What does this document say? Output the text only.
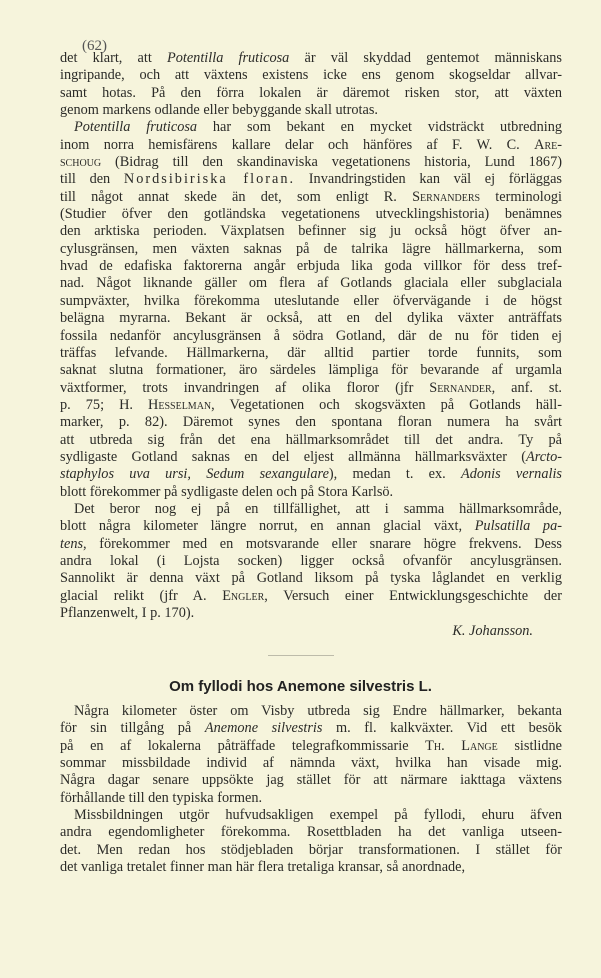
(62)
det klart, att Potentilla fruticosa är väl skyddad gentemot människans
ingripande, och att växtens existens icke ens genom skogseldar allvar-
samt hotas. På den förra lokalen är däremot risken stor, att växten
genom markens odlande eller bebyggande skall utrotas.
Potentilla fruticosa har som bekant en mycket vidsträckt utbredning
inom norra hemisfärens kallare delar och hänföres af F. W. C. Are-
schoug (Bidrag till den skandinaviska vegetationens historia, Lund 1867)
till den Nordsibiriska floran. Invandringstiden kan väl ej förläggas
till något annat skede än det, som enligt R. Sernanders terminologi
(Studier öfver den gotländska vegetationens utvecklingshistoria) benämnes
den arktiska perioden. Växplatsen befinner sig ju också högt öfver an-
cylusgränsen, men växten saknas på de talrika lägre hällmarkerna, som
hvad de edafiska faktorerna angår erbjuda lika goda villkor för dess tref-
nad. Något liknande gäller om flera af Gotlands glaciala eller subglaciala
sumpväxter, hvilka förekomma uteslutande eller öfvervägande i de högst
belägna myrarna. Bekant är också, att en del dylika växter anträffats
fossila nedanför ancylusgränsen å södra Gotland, där de nu för tiden ej
träffas lefvande. Hällmarkerna, där alltid partier torde funnits, som
saknat slutna formationer, äro särdeles lämpliga för bevarande af urgamla
växtformer, trots invandringen af olika floror (jfr Sernander, anf. st.
p. 75; H. Hesselman, Vegetationen och skogsväxten på Gotlands häll-
marker, p. 82). Däremot synes den spontana floran numera ha svårt
att utbreda sig från det ena hällmarksområdet till det andra. Ty på
sydligaste Gotland saknas en del eljest allmänna hällmarksväxter (Arcto-
staphylos uva ursi, Sedum sexangulare), medan t. ex. Adonis vernalis
blott förekommer på sydligaste delen och på Stora Karlsö.
Det beror nog ej på en tillfällighet, att i samma hällmarksområde,
blott några kilometer längre norrut, en annan glacial växt, Pulsatilla pa-
tens, förekommer med en motsvarande eller snarare högre frekvens. Dess
andra lokal (i Lojsta socken) ligger också ofvanför ancylusgränsen.
Sannolikt är denna växt på Gotland liksom på tyska låglandet en verklig
glacial relikt (jfr A. Engler, Versuch einer Entwicklungsgeschichte der
Pflanzenwelt, I p. 170).
K. Johansson.
Om fyllodi hos Anemone silvestris L.
Några kilometer öster om Visby utbreda sig Endre hällmarker, bekanta
för sin tillgång på Anemone silvestris m. fl. kalkväxter. Vid ett besök
på en af lokalerna påträffade telegrafkommissarie Th. Lange sistlidne
sommar missbildade individ af nämnda växt, hvilka han visade mig.
Några dagar senare uppsökte jag stället för att närmare iakttaga växtens
förhållande till den typiska formen.
Missbildningen utgör hufvudsakligen exempel på fyllodi, ehuru äfven
andra egendomligheter förekomma. Rosettbladen ha det vanliga utseen-
det. Men redan hos stödjebladen börjar transformationen. I stället för
det vanliga tretalet finner man här flera tretaliga kransar, så anordnade,
